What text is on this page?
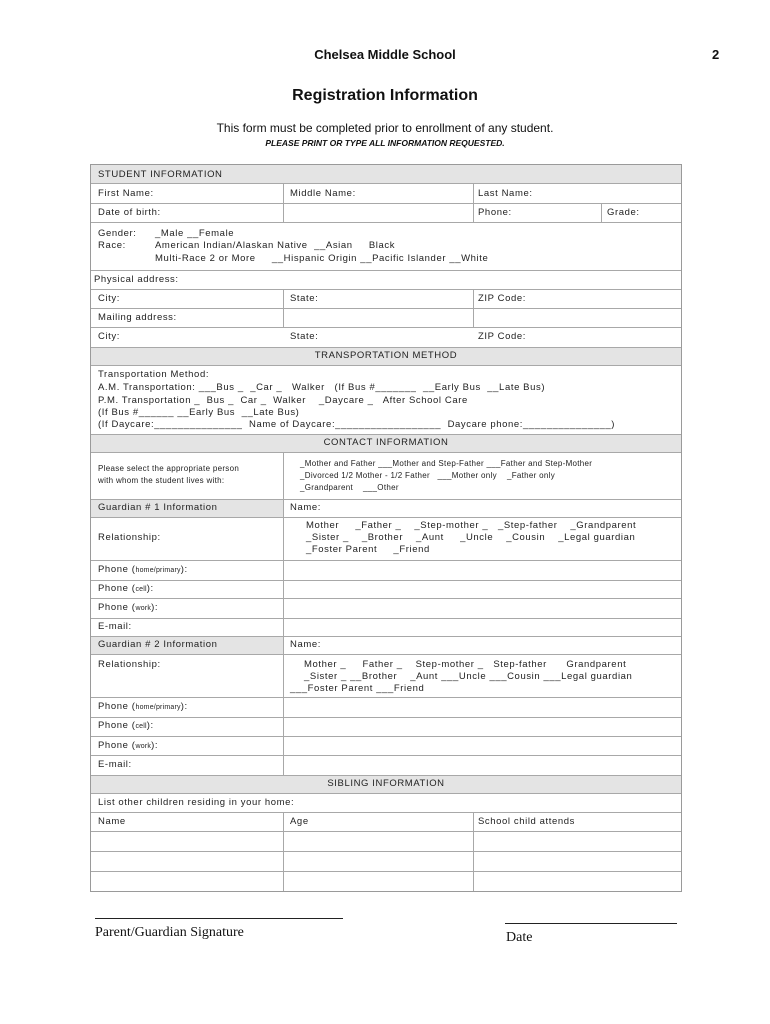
Chelsea Middle School	2
Registration Information
This form must be completed prior to enrollment of any student.
PLEASE PRINT OR TYPE ALL INFORMATION REQUESTED.
STUDENT INFORMATION
First Name:	Middle Name:	Last Name:
Date of birth:	Phone:	Grade:
Gender: _Male __Female
Race:	American Indian/Alaskan Native  __Asian     Black
Multi-Race 2 or More     __Hispanic Origin __Pacific Islander __White
Physical address:
City:	State:	ZIP Code:
Mailing address:
City:	State:	ZIP Code:
TRANSPORTATION METHOD
Transportation Method:
A.M. Transportation: ___Bus _  _Car _   Walker   (If Bus #_______  __Early Bus  __Late Bus)
P.M. Transportation _  Bus _  Car _  Walker    _Daycare _   After School Care
(If Bus #______ __Early Bus  __Late Bus)
(If Daycare:_______________  Name of Daycare:__________________  Daycare phone:_______________)
CONTACT INFORMATION
Please select the appropriate person
with whom the student lives with:
_Mother and Father ___Mother and Step-Father ___Father and Step-Mother
_Divorced 1/2 Mother - 1/2 Father   ___Mother only    _Father only
_Grandparent    ___Other
Guardian # 1 Information	Name:
Relationship:
Mother     _Father _    _Step-mother _   _Step-father    _Grandparent
_Sister _    _Brother    _Aunt     _Uncle    _Cousin    _Legal guardian
_Foster Parent     _Friend
Phone (home/primary):
Phone (cell):
Phone (work):
E-mail:
Guardian # 2 Information	Name:
Relationship:	Mother _     Father _    Step-mother _   Step-father      Grandparent
_Sister _ __Brother    _Aunt ___Uncle ___Cousin ___Legal guardian
___Foster Parent ___Friend
Phone (home/primary):
Phone (cell):
Phone (work):
E-mail:
SIBLING INFORMATION
List other children residing in your home:
Name	Age	School child attends
Parent/Guardian Signature	Date
